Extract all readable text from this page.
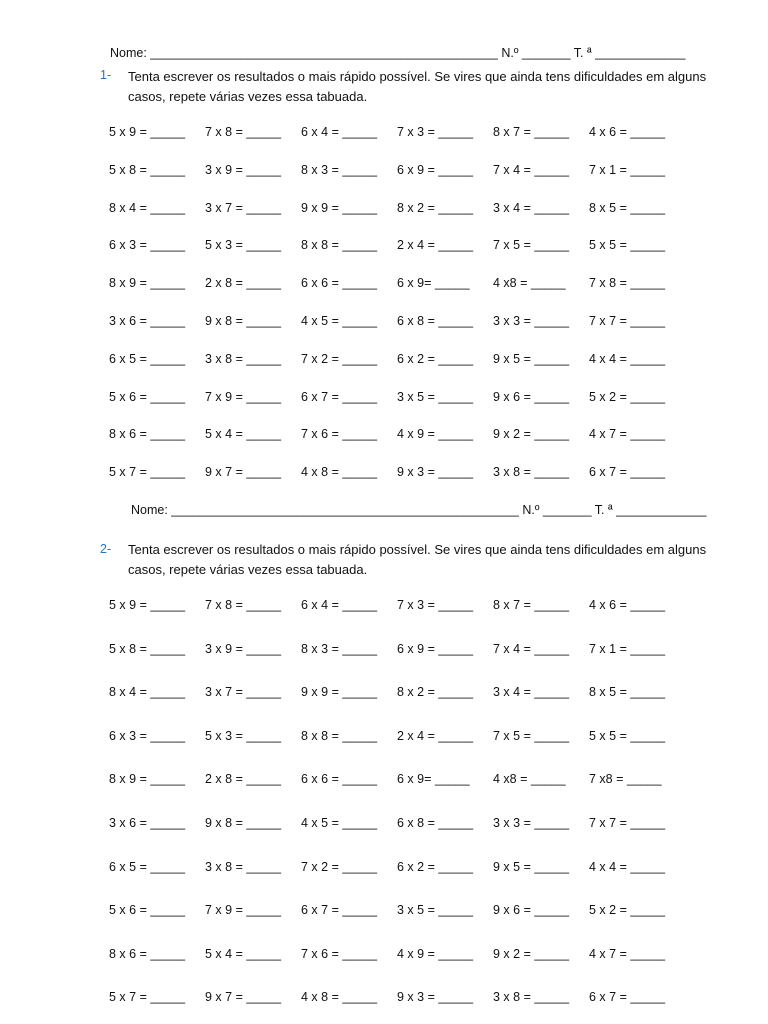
Nome: __________________________________________________ N.º _______ T. ª _____________
1- Tenta escrever os resultados o mais rápido possível. Se vires que ainda tens dificuldades em alguns casos, repete várias vezes essa tabuada.
5 x 9 = _____ 7 x 8 = _____ 6 x 4 = _____ 7 x 3 = _____ 8 x 7 = _____ 4 x 6 = _____
5 x 8 = _____ 3 x 9 = _____ 8 x 3 = _____ 6 x 9 = _____ 7 x 4 = _____ 7 x 1 = _____
8 x 4 = _____ 3 x 7 = _____ 9 x 9 = _____ 8 x 2 = _____ 3 x 4 = _____ 8 x 5 = _____
6 x 3 = _____ 5 x 3 = _____ 8 x 8 = _____ 2 x 4 = _____ 7 x 5 = _____ 5 x 5 = _____
8 x 9 = _____ 2 x 8 = _____ 6 x 6 = _____ 6 x 9= _____ 4 x8 = _____ 7 x 8 = _____
3 x 6 = _____ 9 x 8 = _____ 4 x 5 = _____ 6 x 8 = _____ 3 x 3 = _____ 7 x 7 = _____
6 x 5 = _____ 3 x 8 = _____ 7 x 2 = _____ 6 x 2 = _____ 9 x 5 = _____ 4 x 4 = _____
5 x 6 = _____ 7 x 9 = _____ 6 x 7 = _____ 3 x 5 = _____ 9 x 6 = _____ 5 x 2 = _____
8 x 6 = _____ 5 x 4 = _____ 7 x 6 = _____ 4 x 9 = _____ 9 x 2 = _____ 4 x 7 = _____
5 x 7 = _____ 9 x 7 = _____ 4 x 8 = _____ 9 x 3 = _____ 3 x 8 = _____ 6 x 7 = _____
Nome: __________________________________________________ N.º _______ T. ª _____________
2- Tenta escrever os resultados o mais rápido possível. Se vires que ainda tens dificuldades em alguns casos, repete várias vezes essa tabuada.
5 x 9 = _____ 7 x 8 = _____ 6 x 4 = _____ 7 x 3 = _____ 8 x 7 = _____ 4 x 6 = _____
5 x 8 = _____ 3 x 9 = _____ 8 x 3 = _____ 6 x 9 = _____ 7 x 4 = _____ 7 x 1 = _____
8 x 4 = _____ 3 x 7 = _____ 9 x 9 = _____ 8 x 2 = _____ 3 x 4 = _____ 8 x 5 = _____
6 x 3 = _____ 5 x 3 = _____ 8 x 8 = _____ 2 x 4 = _____ 7 x 5 = _____ 5 x 5 = _____
8 x 9 = _____ 2 x 8 = _____ 6 x 6 = _____ 6 x 9= _____ 4 x8 = _____ 7 x8 = _____
3 x 6 = _____ 9 x 8 = _____ 4 x 5 = _____ 6 x 8 = _____ 3 x 3 = _____ 7 x 7 = _____
6 x 5 = _____ 3 x 8 = _____ 7 x 2 = _____ 6 x 2 = _____ 9 x 5 = _____ 4 x 4 = _____
5 x 6 = _____ 7 x 9 = _____ 6 x 7 = _____ 3 x 5 = _____ 9 x 6 = _____ 5 x 2 = _____
8 x 6 = _____ 5 x 4 = _____ 7 x 6 = _____ 4 x 9 = _____ 9 x 2 = _____ 4 x 7 = _____
5 x 7 = _____ 9 x 7 = _____ 4 x 8 = _____ 9 x 3 = _____ 3 x 8 = _____ 6 x 7 = _____
